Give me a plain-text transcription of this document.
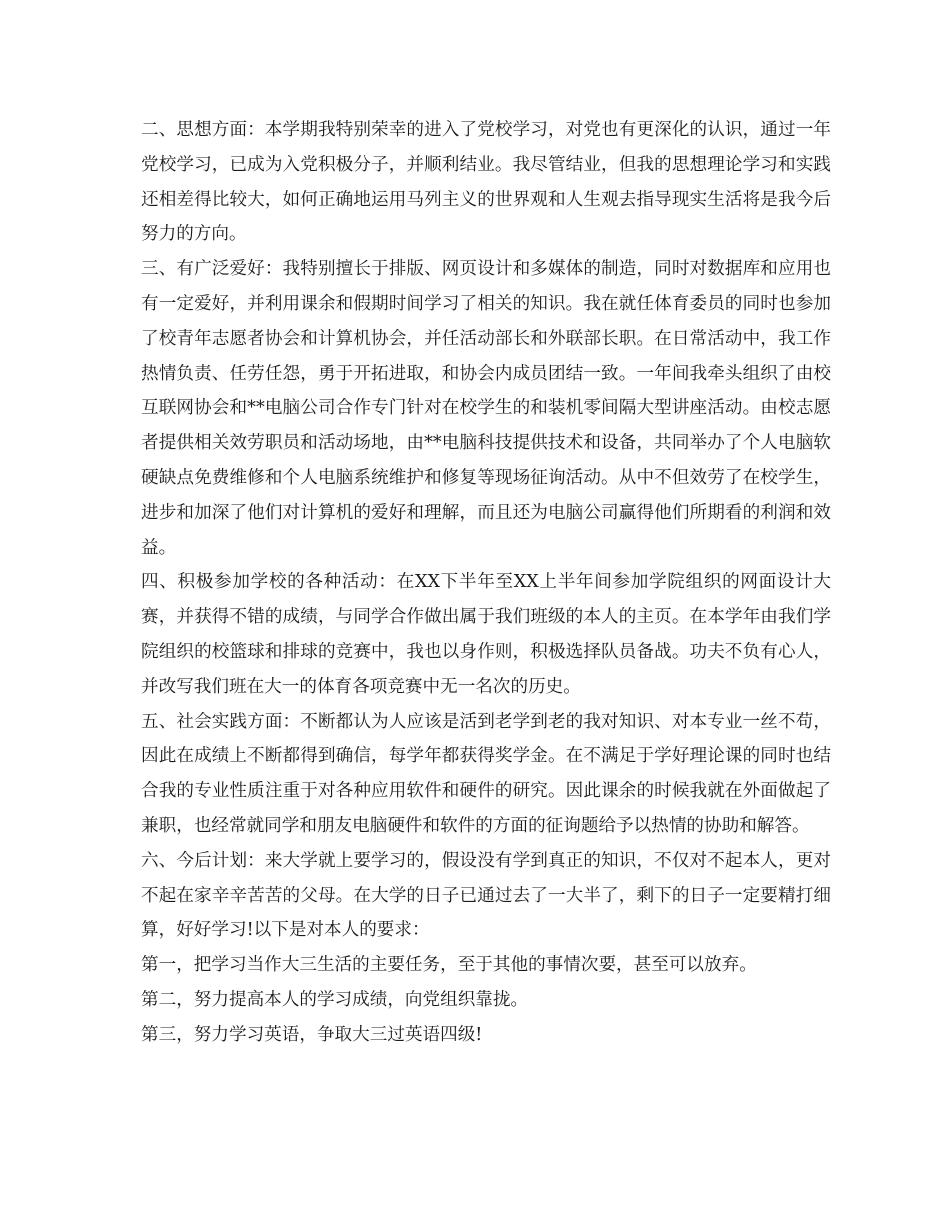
二、思想方面：本学期我特别荣幸的进入了党校学习，对党也有更深化的认识，通过一年党校学习，已成为入党积极分子，并顺利结业。我尽管结业，但我的思想理论学习和实践还相差得比较大，如何正确地运用马列主义的世界观和人生观去指导现实生活将是我今后努力的方向。

三、有广泛爱好：我特别擅长于排版、网页设计和多媒体的制造，同时对数据库和应用也有一定爱好，并利用课余和假期时间学习了相关的知识。我在就任体育委员的同时也参加了校青年志愿者协会和计算机协会，并任活动部长和外联部长职。在日常活动中，我工作热情负责、任劳任怨，勇于开拓进取，和协会内成员团结一致。一年间我牵头组织了由校互联网协会和**电脑公司合作专门针对在校学生的和装机零间隔大型讲座活动。由校志愿者提供相关效劳职员和活动场地，由**电脑科技提供技术和设备，共同举办了个人电脑软硬缺点免费维修和个人电脑系统维护和修复等现场征询活动。从中不但效劳了在校学生，进步和加深了他们对计算机的爱好和理解，而且还为电脑公司赢得他们所期看的利润和效益。

四、积极参加学校的各种活动：在XX下半年至XX上半年间参加学院组织的网面设计大赛，并获得不错的成绩，与同学合作做出属于我们班级的本人的主页。在本学年由我们学院组织的校篮球和排球的竞赛中，我也以身作则，积极选择队员备战。功夫不负有心人，并改写我们班在大一的体育各项竞赛中无一名次的历史。

五、社会实践方面：不断都认为人应该是活到老学到老的我对知识、对本专业一丝不苟，因此在成绩上不断都得到确信，每学年都获得奖学金。在不满足于学好理论课的同时也结合我的专业性质注重于对各种应用软件和硬件的研究。因此课余的时候我就在外面做起了兼职，也经常就同学和朋友电脑硬件和软件的方面的征询题给予以热情的协助和解答。

六、今后计划：来大学就上要学习的，假设没有学到真正的知识，不仅对不起本人，更对不起在家辛辛苦苦的父母。在大学的日子已通过去了一大半了，剩下的日子一定要精打细算，好好学习!以下是对本人的要求：

第一，把学习当作大三生活的主要任务，至于其他的事情次要，甚至可以放弃。

第二，努力提高本人的学习成绩，向党组织靠拢。

第三，努力学习英语，争取大三过英语四级!
